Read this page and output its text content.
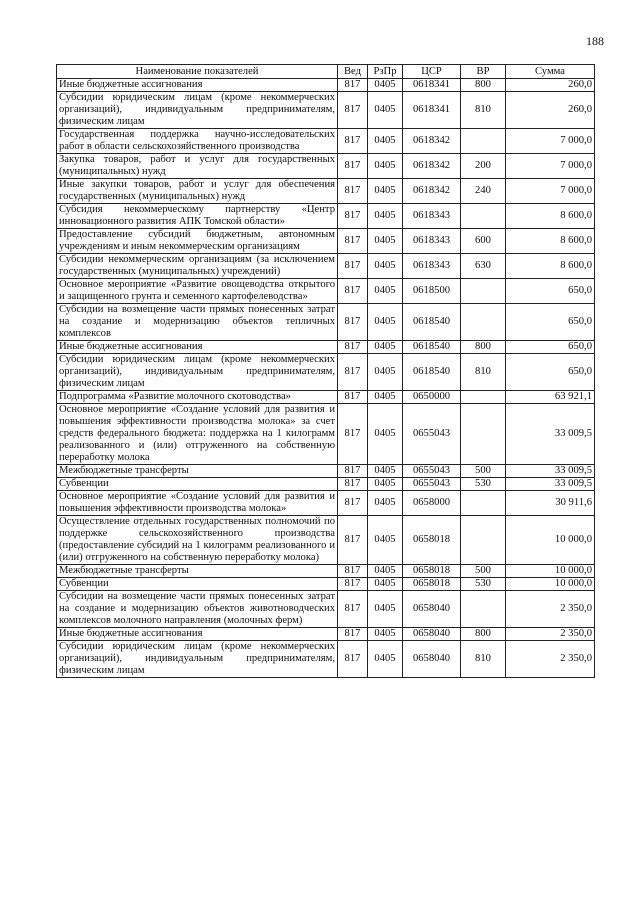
188
Наименование показателей	Вед	РзПр	ЦСР	ВР	Сумма
Иные бюджетные ассигнования	817	0405	0618341	800	260,0
Субсидии юридическим лицам (кроме некоммерческих организаций), индивидуальным предпринимателям, физическим лицам	817	0405	0618341	810	260,0
Государственная поддержка научно-исследовательских работ в области сельскохозяйственного производства	817	0405	0618342		7 000,0
Закупка товаров, работ и услуг для государственных (муниципальных) нужд	817	0405	0618342	200	7 000,0
Иные закупки товаров, работ и услуг для обеспечения государственных (муниципальных) нужд	817	0405	0618342	240	7 000,0
Субсидия некоммерческому партнерству «Центр инновационного развития АПК Томской области»	817	0405	0618343		8 600,0
Предоставление субсидий бюджетным, автономным учреждениям и иным некоммерческим организациям	817	0405	0618343	600	8 600,0
Субсидии некоммерческим организациям (за исключением государственных (муниципальных) учреждений)	817	0405	0618343	630	8 600,0
Основное мероприятие «Развитие овощеводства открытого и защищенного грунта и семенного картофелеводства»	817	0405	0618500		650,0
Субсидии на возмещение части прямых понесенных затрат на создание и модернизацию объектов тепличных комплексов	817	0405	0618540		650,0
Иные бюджетные ассигнования	817	0405	0618540	800	650,0
Субсидии юридическим лицам (кроме некоммерческих организаций), индивидуальным предпринимателям, физическим лицам	817	0405	0618540	810	650,0
Подпрограмма «Развитие молочного скотоводства»	817	0405	0650000		63 921,1
Основное мероприятие «Создание условий для развития и повышения эффективности производства молока» за счет средств федерального бюджета: поддержка на 1 килограмм реализованного и (или) отгруженного на собственную переработку молока	817	0405	0655043		33 009,5
Межбюджетные трансферты	817	0405	0655043	500	33 009,5
Субвенции	817	0405	0655043	530	33 009,5
Основное мероприятие «Создание условий для развития и повышения эффективности производства молока»	817	0405	0658000		30 911,6
Осуществление отдельных государственных полномочий по поддержке сельскохозяйственного производства (предоставление субсидий на 1 килограмм реализованного и (или) отгруженного на собственную переработку молока)	817	0405	0658018		10 000,0
Межбюджетные трансферты	817	0405	0658018	500	10 000,0
Субвенции	817	0405	0658018	530	10 000,0
Субсидии на возмещение части прямых понесенных затрат на создание и модернизацию объектов животноводческих комплексов молочного направления (молочных ферм)	817	0405	0658040		2 350,0
Иные бюджетные ассигнования	817	0405	0658040	800	2 350,0
Субсидии юридическим лицам (кроме некоммерческих организаций), индивидуальным предпринимателям, физическим лицам	817	0405	0658040	810	2 350,0
